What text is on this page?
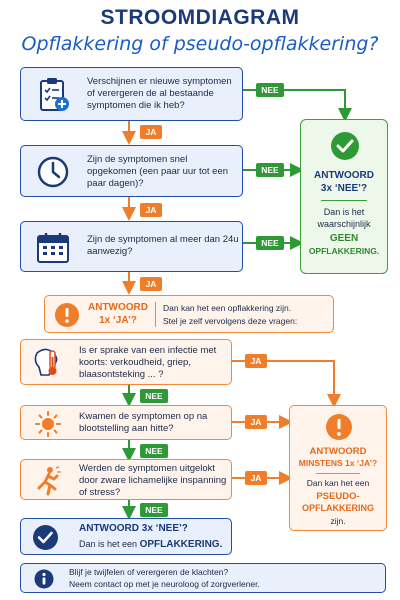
STROOMDIAGRAM
Opflakkering of pseudo-opflakkering?
Verschijnen er nieuwe symptomen of verergeren de al bestaande symptomen die ik heb?
NEE
JA
Zijn de symptomen snel opgekomen (een paar uur tot een paar dagen)?
NEE
JA
Zijn de symptomen al meer dan 24u aanwezig?
NEE
JA
ANTWOORD
3x ‘NEE’?
Dan is het
waarschijnlijk
GEEN
OPFLAKKERING.
ANTWOORD
1x ‘JA’?
Dan kan het een opflakkering zijn.
Stel je zelf vervolgens deze vragen:
Is er sprake van een infectie met koorts: verkoudheid, griep, blaasontsteking ... ?
JA
NEE
Kwamen de symptomen op na blootstelling aan hitte?
JA
NEE
Werden de symptomen uitgelokt door zware lichamelijke inspanning of stress?
JA
NEE
ANTWOORD
MINSTENS 1x ‘JA’?
Dan kan het een
PSEUDO-
OPFLAKKERING
zijn.
ANTWOORD 3x ‘NEE’?
Dan is het een OPFLAKKERING.
Blijf je twijfelen of verergeren de klachten?
Neem contact op met je neuroloog of zorgverlener.
